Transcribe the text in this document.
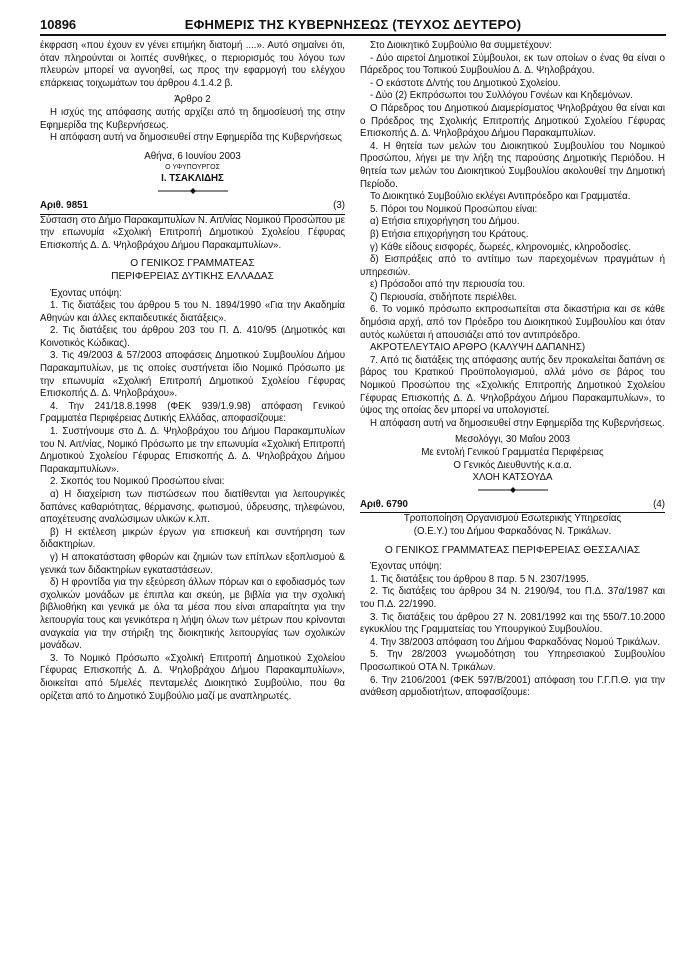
10896	ΕΦΗΜΕΡΙΣ ΤΗΣ ΚΥΒΕΡΝΗΣΕΩΣ (ΤΕΥΧΟΣ ΔΕΥΤΕΡΟ)

έκφραση «που έχουν εν γένει επιμήκη διατομή ....». Αυτό σημαίνει ότι, όταν πληρούνται οι λοιπές συνθήκες, ο περιορισμός του λόγου των πλευρών μπορεί να αγνοηθεί, ως προς την εφαρμογή του ελέγχου επάρκειας τοιχωμάτων του άρθρου 4.1.4.2 β.

Άρθρο 2

Η ισχύς της απόφασης αυτής αρχίζει από τη δημοσίευσή της στην Εφημερίδα της Κυβερνήσεως.

Η απόφαση αυτή να δημοσιευθεί στην Εφημερίδα της Κυβερνήσεως

Αθήνα, 6 Ιουνίου 2003

Ο ΥΦΥΠΟΥΡΓΟΣ

Ι. ΤΣΑΚΛΙΔΗΣ

Αριθ. 9851	(3)

Σύσταση στο Δήμο Παρακαμπυλίων Ν. Αιτ/νίας Νομικού Προσώπου με την επωνυμία «Σχολική Επιτροπή Δημοτικού Σχολείου Γέφυρας Επισκοπής Δ. Δ. Ψηλοβράχου Δήμου Παρακαμπυλίων».

Ο ΓΕΝΙΚΟΣ ΓΡΑΜΜΑΤΕΑΣ

ΠΕΡΙΦΕΡΕΙΑΣ ΔΥΤΙΚΗΣ ΕΛΛΑΔΑΣ

Έχοντας υπόψη:

1. Τις διατάξεις του άρθρου 5 του Ν. 1894/1990 «Για την Ακαδημία Αθηνών και άλλες εκπαιδευτικές διατάξεις».

2. Τις διατάξεις του άρθρου 203 του Π. Δ. 410/95 (Δημοτικός και Κοινοτικός Κώδικας).

3. Τις 49/2003 & 57/2003 αποφάσεις Δημοτικού Συμβουλίου Δήμου Παρακαμπυλίων, με τις οποίες συστήνεται ίδιο Νομικό Πρόσωπο με την επωνυμία «Σχολική Επιτροπή Δημοτικού Σχολείου Γέφυρας Επισκοπής Δ. Δ. Ψηλοβράχου».

4. Την 241/18.8.1998 (ΦΕΚ 939/1.9.98) απόφαση Γενικού Γραμματέα Περιφέρειας Δυτικής Ελλάδας, αποφασίζουμε:

1. Συστήνουμε στο Δ. Δ. Ψηλοβράχου του Δήμου Παρακαμπυλίων του Ν. Αιτ/νίας, Νομικό Πρόσωπο με την επωνυμία «Σχολική Επιτροπή Δημοτικού Σχολείου Γέφυρας Επισκοπής Δ. Δ. Ψηλοβράχου Δήμου Παρακαμπυλίων».

2. Σκοπός του Νομικού Προσώπου είναι:

α) Η διαχείριση των πιστώσεων που διατίθενται για λειτουργικές δαπάνες καθαριότητας, θέρμανσης, φωτισμού, ύδρευσης, τηλεφώνου, αποχέτευσης αναλώσιμων υλικών κ.λπ.

β) Η εκτέλεση μικρών έργων για επισκευή και συντήρηση των διδακτηρίων.

γ) Η αποκατάσταση φθορών και ζημιών των επίπλων εξοπλισμού & γενικά των διδακτηρίων εγκαταστάσεων.

δ) Η φροντίδα για την εξεύρεση άλλων πόρων και ο εφοδιασμός των σχολικών μονάδων με έπιπλα και σκεύη, με βιβλία για την σχολική βιβλιοθήκη και γενικά με όλα τα μέσα που είναι απαραίτητα για την λειτουργία τους και γενικότερα η λήψη όλων των μέτρων που κρίνονται αναγκαία για την στήριξη της διοικητικής λειτουργίας των σχολικών μονάδων.

3. Το Νομικό Πρόσωπο «Σχολική Επιτροπή Δημοτικού Σχολείου Γέφυρας Επισκοπής Δ. Δ. Ψηλοβράχου Δήμου Παρακαμπυλίων», διοικείται από 5/μελές πενταμελές Διοικητικό Συμβούλιο, που θα ορίζεται από το Δημοτικό Συμβούλιο μαζί με αναπληρωτές.

Στο Διοικητικό Συμβούλιο θα συμμετέχουν:

- Δύο αιρετοί Δημοτικοί Σύμβουλοι, εκ των οποίων ο ένας θα είναι ο Πάρεδρος του Τοπικού Συμβουλίου Δ. Δ. Ψηλοβράχου.

- Ο εκάστοτε Δ/ντής του Δημοτικού Σχολείου.

- Δύο (2) Εκπρόσωποι του Συλλόγου Γονέων και Κηδεμόνων.

Ο Πάρεδρος του Δημοτικού Διαμερίσματος Ψηλοβράχου θα είναι και ο Πρόεδρος της Σχολικής Επιτροπής Δημοτικού Σχολείου Γέφυρας Επισκοπής Δ. Δ. Ψηλοβράχου Δήμου Παρακαμπυλίων.

4. Η θητεία των μελών του Διοικητικού Συμβουλίου του Νομικού Προσώπου, λήγει με την λήξη της παρούσης Δημοτικής Περιόδου. Η θητεία των μελών του Διοικητικού Συμβουλίου ακολουθεί την Δημοτική Περίοδο.

Το Διοικητικό Συμβούλιο εκλέγει Αντιπρόεδρο και Γραμματέα.

5. Πόροι του Νομικού Προσώπου είναι:

α) Ετήσια επιχορήγηση του Δήμου.

β) Ετήσια επιχορήγηση του Κράτους.

γ) Κάθε είδους εισφορές, δωρεές, κληρονομιές, κληροδοσίες.

δ) Εισπράξεις από το αντίτιμο των παρεχομένων πραγμάτων ή υπηρεσιών.

ε) Πρόσοδοι από την περιουσία του.

ζ) Περιουσία, στιδήποτε περιέλθει.

6. Το νομικό πρόσωπο εκπροσωπείται στα δικαστήρια και σε κάθε δημόσια αρχή, από τον Πρόεδρο του Διοικητικού Συμβουλίου και όταν αυτός κωλύεται ή απουσιάζει από τον αντιπρόεδρο.

ΑΚΡΟΤΕΛΕΥΤΑΙΟ ΑΡΘΡΟ (ΚΑΛΥΨΗ ΔΑΠΑΝΗΣ)

7. Από τις διατάξεις της απόφασης αυτής δεν προκαλείται δαπάνη σε βάρος του Κρατικού Προϋπολογισμού, αλλά μόνο σε βάρος του Νομικού Προσώπου της «Σχολικής Επιτροπής Δημοτικού Σχολείου Γέφυρας Επισκοπής Δ. Δ. Ψηλοβράχου Δήμου Παρακαμπυλίων», το ύψος της οποίας δεν μπορεί να υπολογιστεί.

Η απόφαση αυτή να δημοσιευθεί στην Εφημερίδα της Κυβερνήσεως.

Μεσολόγγι, 30 Μαΐου 2003

Με εντολή Γενικού Γραμματέα Περιφέρειας

Ο Γενικός Διευθυντής κ.α.α.

ΧΛΟΗ ΚΑΤΣΟΥΔΑ

Αριθ. 6790	(4)

Τροποποίηση Οργανισμού Εσωτερικής Υπηρεσίας

(Ο.Ε.Υ.) του Δήμου Φαρκαδόνας Ν. Τρικάλων.

Ο ΓΕΝΙΚΟΣ ΓΡΑΜΜΑΤΕΑΣ ΠΕΡΙΦΕΡΕΙΑΣ ΘΕΣΣΑΛΙΑΣ

Έχοντας υπόψη:

1. Τις διατάξεις του άρθρου 8 παρ. 5 Ν. 2307/1995.

2. Τις διατάξεις του άρθρου 34 Ν. 2190/94, του Π.Δ. 37α/1987 και του Π.Δ. 22/1990.

3. Τις διατάξεις του άρθρου 27 Ν. 2081/1992 και της 550/7.10.2000 εγκυκλίου της Γραμματείας του Υπουργικού Συμβουλίου.

4. Την 38/2003 απόφαση του Δήμου Φαρκαδόνας Νομού Τρικάλων.

5. Την 28/2003 γνωμοδότηση του Υπηρεσιακού Συμβουλίου Προσωπικού ΟΤΑ Ν. Τρικάλων.

6. Την 2106/2001 (ΦΕΚ 597/Β/2001) απόφαση του Γ.Γ.Π.Θ. για την ανάθεση αρμοδιοτήτων, αποφασίζουμε:
